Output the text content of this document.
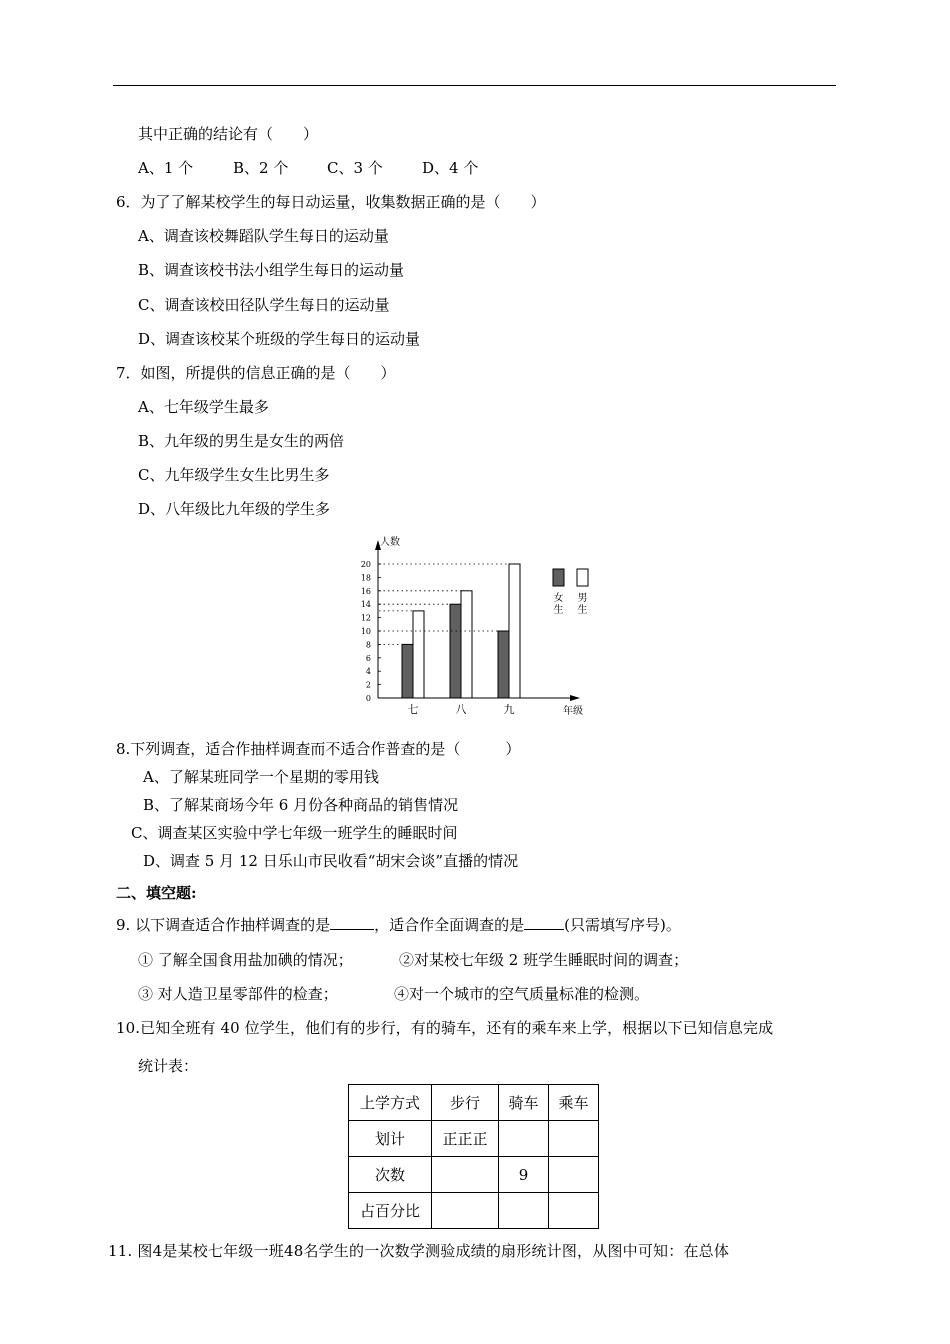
其中正确的结论有（　　）
A、1 个	B、2 个	C、3 个	D、4 个
6．为了了解某校学生的每日动运量，收集数据正确的是（　　）
A、调查该校舞蹈队学生每日的运动量
B、调查该校书法小组学生每日的运动量
C、调查该校田径队学生每日的运动量
D、调查该校某个班级的学生每日的运动量
7．如图，所提供的信息正确的是（　　）
A、七年级学生最多
B、九年级的男生是女生的两倍
C、九年级学生女生比男生多
D、八年级比九年级的学生多
人数
年级
0
2
4
6
8
10
12
14
16
18
20
七	八	九
女
生
男
生
8.下列调查，适合作抽样调查而不适合作普查的是（　　　）
A、了解某班同学一个星期的零用钱
B、了解某商场今年 6 月份各种商品的销售情况
C、调查某区实验中学七年级一班学生的睡眠时间
D、调查 5 月 12 日乐山市民收看“胡宋会谈”直播的情况
二、填空题:
9. 以下调查适合作抽样调查的是	，适合作全面调查的是	(只需填写序号)。
① 了解全国食用盐加碘的情况；	②对某校七年级 2 班学生睡眠时间的调查；
③ 对人造卫星零部件的检查；	④对一个城市的空气质量标准的检测。
10.已知全班有 40 位学生，他们有的步行，有的骑车，还有的乘车来上学，根据以下已知信息完成
统计表：
上学方式	步行	骑车	乘车
划计	正正正		
次数		9	
占百分比			
11. 图4是某校七年级一班48名学生的一次数学测验成绩的扇形统计图，从图中可知：在总体
